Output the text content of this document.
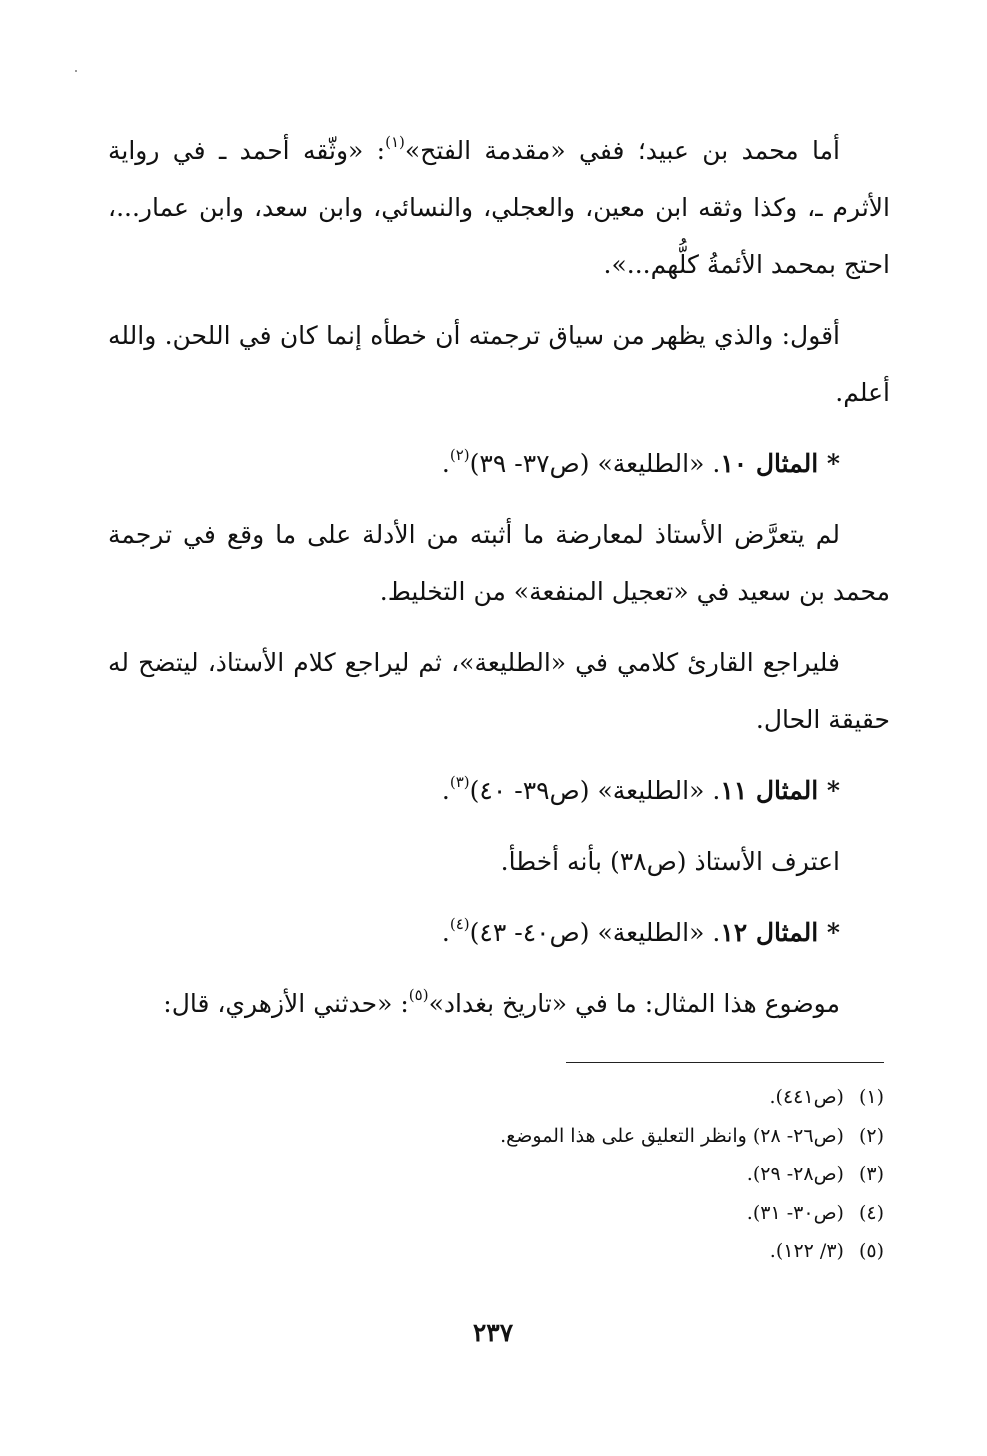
أما محمد بن عبيد؛ ففي «مقدمة الفتح»$^{(١)}$: «وثّقه أحمد ـ في رواية الأثرم ـ، وكذا وثقه ابن معين، والعجلي، والنسائي، وابن سعد، وابن عمار...، احتج بمحمد الأئمةُ كلُّهم...».

أقول: والذي يظهر من سياق ترجمته أن خطأه إنما كان في اللحن. والله أعلم.

* المثال ١٠. «الطليعة» (ص٣٧- ٣٩)$^{(٢)}$.

لم يتعرَّض الأستاذ لمعارضة ما أثبته من الأدلة على ما وقع في ترجمة محمد بن سعيد في «تعجيل المنفعة» من التخليط.

فليراجع القارئ كلامي في «الطليعة»، ثم ليراجع كلام الأستاذ، ليتضح له حقيقة الحال.

* المثال ١١. «الطليعة» (ص٣٩- ٤٠)$^{(٣)}$.

اعترف الأستاذ (ص٣٨) بأنه أخطأ.

* المثال ١٢. «الطليعة» (ص٤٠- ٤٣)$^{(٤)}$.

موضوع هذا المثال: ما في «تاريخ بغداد»$^{(٥)}$: «حدثني الأزهري، قال:

(١) (ص٤٤١).
(٢) (ص٢٦- ٢٨) وانظر التعليق على هذا الموضع.
(٣) (ص٢٨- ٢٩).
(٤) (ص٣٠- ٣١).
(٥) (٣/ ١٢٢).
٢٣٧
